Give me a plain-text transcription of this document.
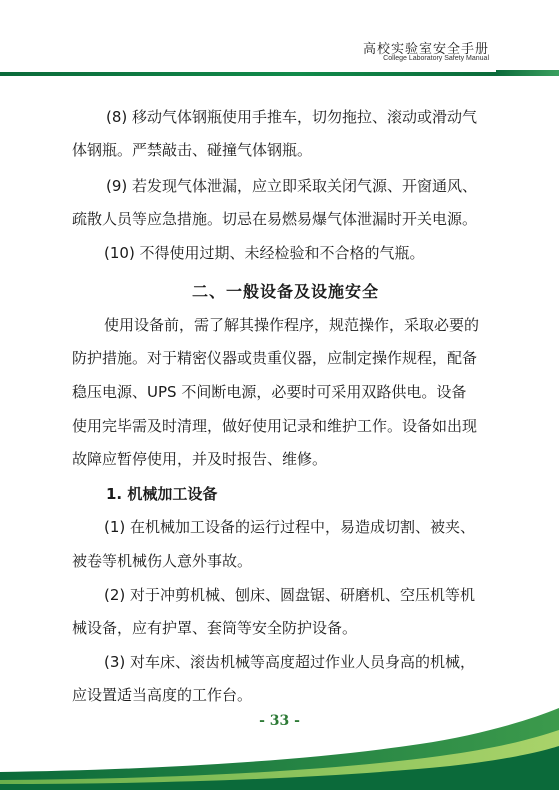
高校实验室安全手册
College Laboratory Safety Manual
(8) 移动气体钢瓶使用手推车，切勿拖拉、滚动或滑动气
体钢瓶。严禁敲击、碰撞气体钢瓶。
(9) 若发现气体泄漏，应立即采取关闭气源、开窗通风、
疏散人员等应急措施。切忌在易燃易爆气体泄漏时开关电源。
(10) 不得使用过期、未经检验和不合格的气瓶。
二、一般设备及设施安全
使用设备前，需了解其操作程序，规范操作，采取必要的
防护措施。对于精密仪器或贵重仪器，应制定操作规程，配备
稳压电源、UPS 不间断电源，必要时可采用双路供电。设备
使用完毕需及时清理，做好使用记录和维护工作。设备如出现
故障应暂停使用，并及时报告、维修。
1. 机械加工设备
(1) 在机械加工设备的运行过程中，易造成切割、被夹、
被卷等机械伤人意外事故。
(2) 对于冲剪机械、刨床、圆盘锯、研磨机、空压机等机
械设备，应有护罩、套筒等安全防护设备。
(3) 对车床、滚齿机械等高度超过作业人员身高的机械，
应设置适当高度的工作台。
- 33 -
